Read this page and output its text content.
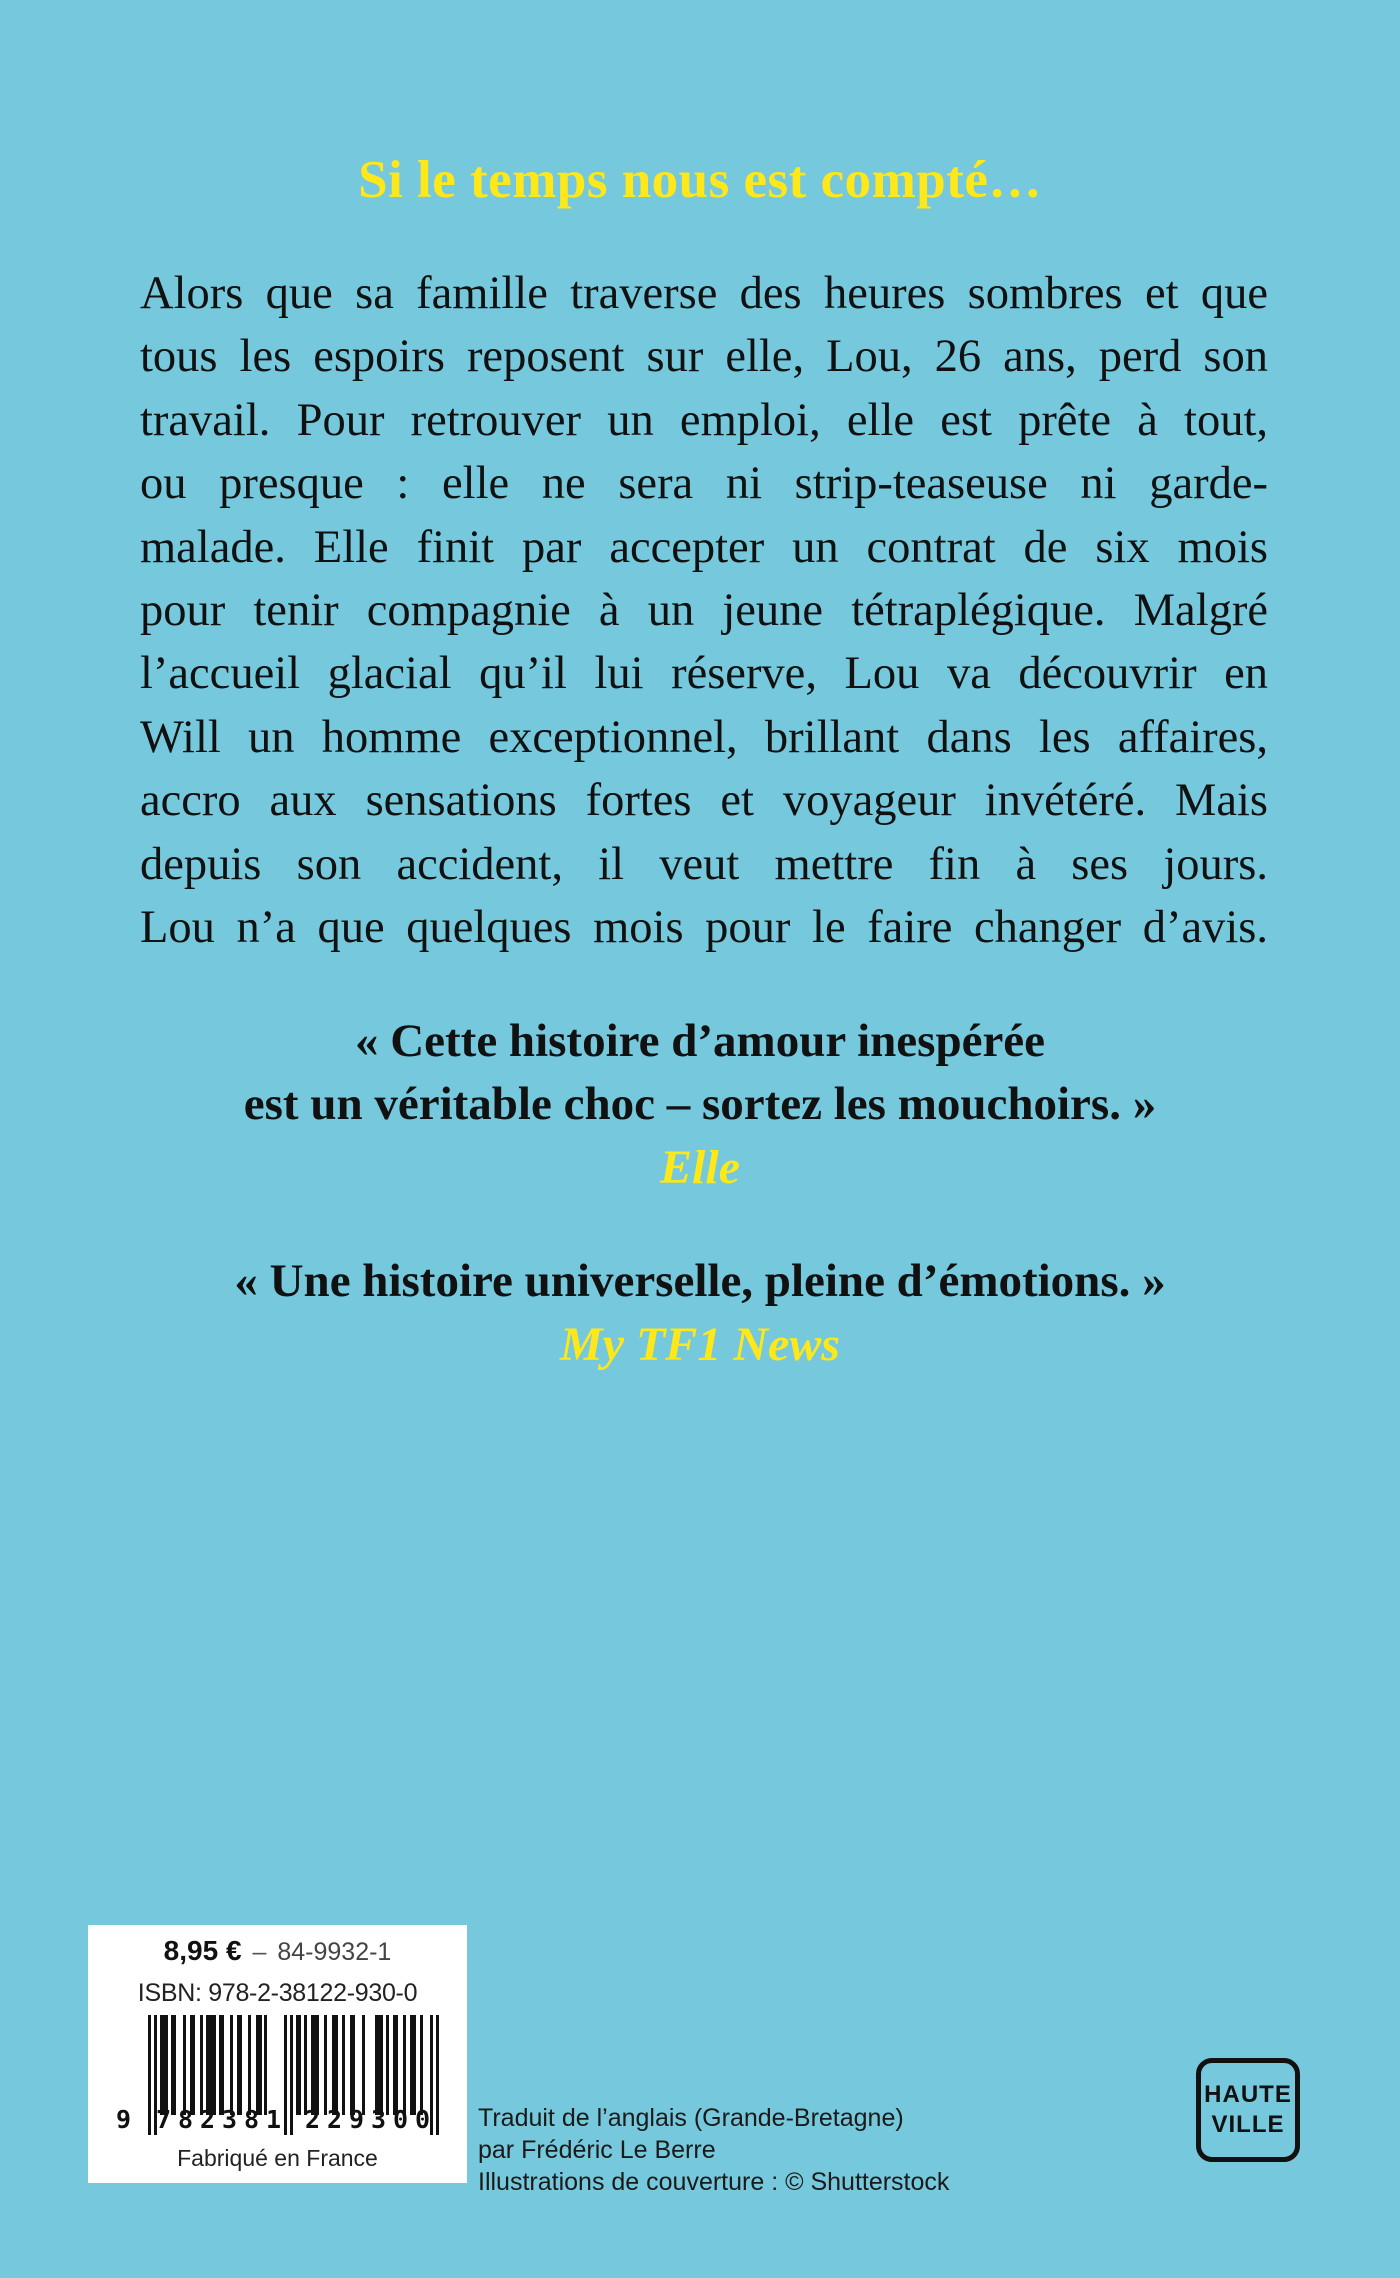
Si le temps nous est compté…
Alors que sa famille traverse des heures sombres et que
tous les espoirs reposent sur elle, Lou, 26 ans, perd son
travail. Pour retrouver un emploi, elle est prête à tout,
ou presque : elle ne sera ni strip-teaseuse ni garde-
malade. Elle finit par accepter un contrat de six mois
pour tenir compagnie à un jeune tétraplégique. Malgré
l’accueil glacial qu’il lui réserve, Lou va découvrir en
Will un homme exceptionnel, brillant dans les affaires,
accro aux sensations fortes et voyageur invétéré. Mais
depuis son accident, il veut mettre fin à ses jours.
Lou n’a que quelques mois pour le faire changer d’avis.
« Cette histoire d’amour inespérée
est un véritable choc – sortez les mouchoirs. »
Elle
« Une histoire universelle, pleine d’émotions. »
My TF1 News
8,95 € – 84-9932-1
ISBN: 978-2-38122-930-0
9 7 8 2 3 8 1 2 2 9 3 0 0
Fabriqué en France
Traduit de l’anglais (Grande-Bretagne)
par Frédéric Le Berre
Illustrations de couverture : © Shutterstock
HAUTE
VILLE
